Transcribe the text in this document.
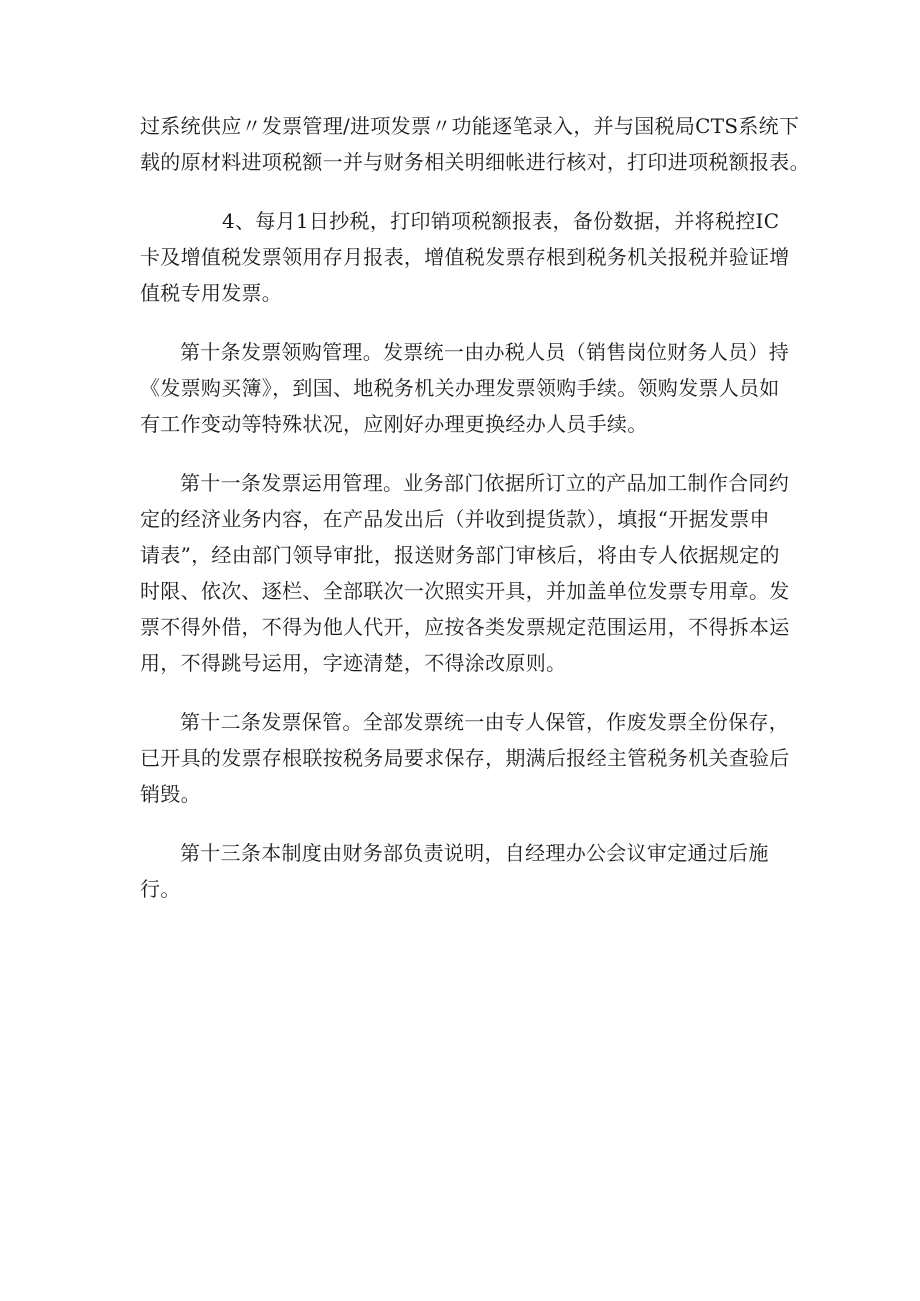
过系统供应〃发票管理/进项发票〃功能逐笔录入，并与国税局CTS系统下
载的原材料进项税额一并与财务相关明细帐进行核对，打印进项税额报表。
4、每月1日抄税，打印销项税额报表，备份数据，并将税控IC
卡及增值税发票领用存月报表，增值税发票存根到税务机关报税并验证增
值税专用发票。
第十条发票领购管理。发票统一由办税人员（销售岗位财务人员）持
《发票购买簿》，到国、地税务机关办理发票领购手续。领购发票人员如
有工作变动等特殊状况，应刚好办理更换经办人员手续。
第十一条发票运用管理。业务部门依据所订立的产品加工制作合同约
定的经济业务内容，在产品发出后（并收到提货款），填报“开据发票申
请表”，经由部门领导审批，报送财务部门审核后，将由专人依据规定的
时限、依次、逐栏、全部联次一次照实开具，并加盖单位发票专用章。发
票不得外借，不得为他人代开，应按各类发票规定范围运用，不得拆本运
用，不得跳号运用，字迹清楚，不得涂改原则。
第十二条发票保管。全部发票统一由专人保管，作废发票全份保存，
已开具的发票存根联按税务局要求保存，期满后报经主管税务机关查验后
销毁。
第十三条本制度由财务部负责说明，自经理办公会议审定通过后施
行。
